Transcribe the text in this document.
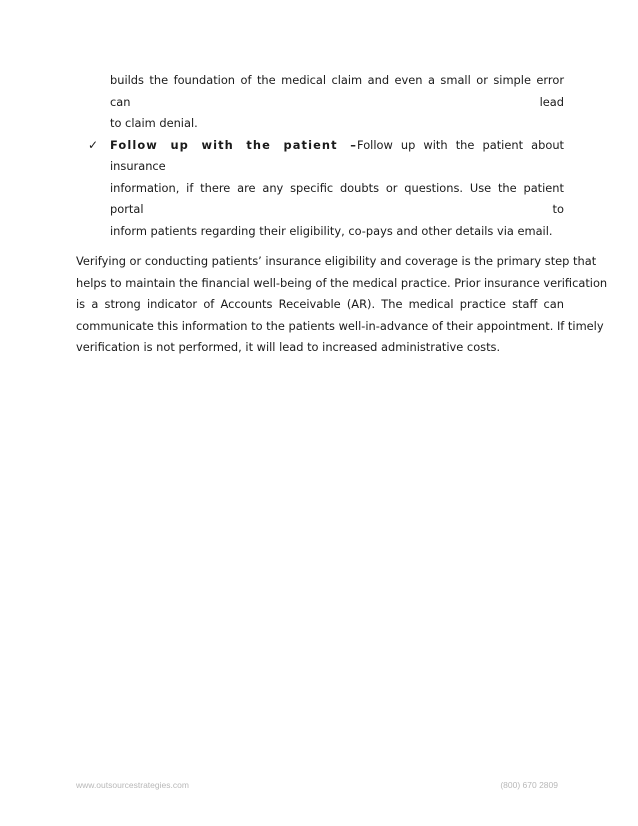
builds the foundation of the medical claim and even a small or simple error can lead
to claim denial.
✓ Follow up with the patient –Follow up with the patient about insurance
information, if there are any specific doubts or questions. Use the patient portal to
inform patients regarding their eligibility, co-pays and other details via email.
Verifying or conducting patients’ insurance eligibility and coverage is the primary step that
helps to maintain the financial well-being of the medical practice. Prior insurance verification
is a strong indicator of Accounts Receivable (AR). The medical practice staff can
communicate this information to the patients well-in-advance of their appointment. If timely
verification is not performed, it will lead to increased administrative costs.
www.outsourcestrategies.com	(800) 670 2809
